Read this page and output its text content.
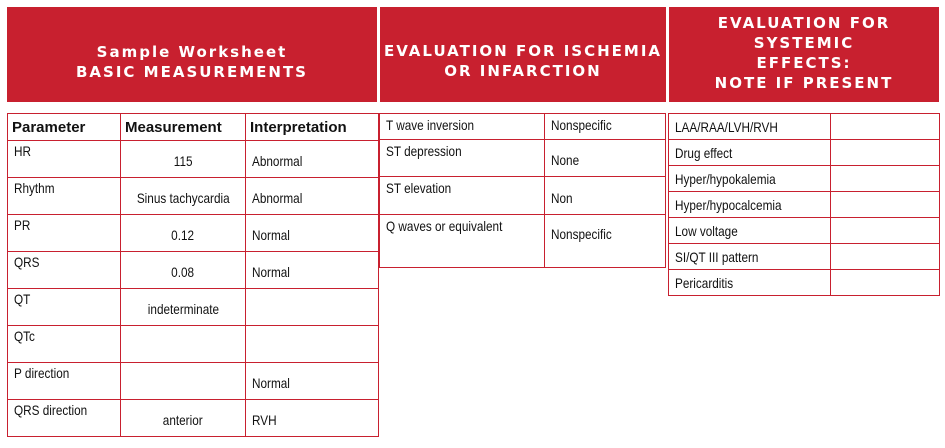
Sample Worksheet
BASIC MEASUREMENTS
EVALUATION FOR ISCHEMIA
OR INFARCTION
EVALUATION FOR SYSTEMIC
EFFECTS:
NOTE IF PRESENT
Parameter	Measurement	Interpretation
HR	115	Abnormal
Rhythm	Sinus tachycardia	Abnormal
PR	0.12	Normal
QRS	0.08	Normal
QT	indeterminate	
QTc		
P direction		Normal
QRS direction	anterior	RVH
T wave inversion	Nonspecific
ST depression	None
ST elevation	Non
Q waves or equivalent	Nonspecific
LAA/RAA/LVH/RVH	
Drug effect	
Hyper/hypokalemia	
Hyper/hypocalcemia	
Low voltage	
SI/QT III pattern	
Pericarditis	
